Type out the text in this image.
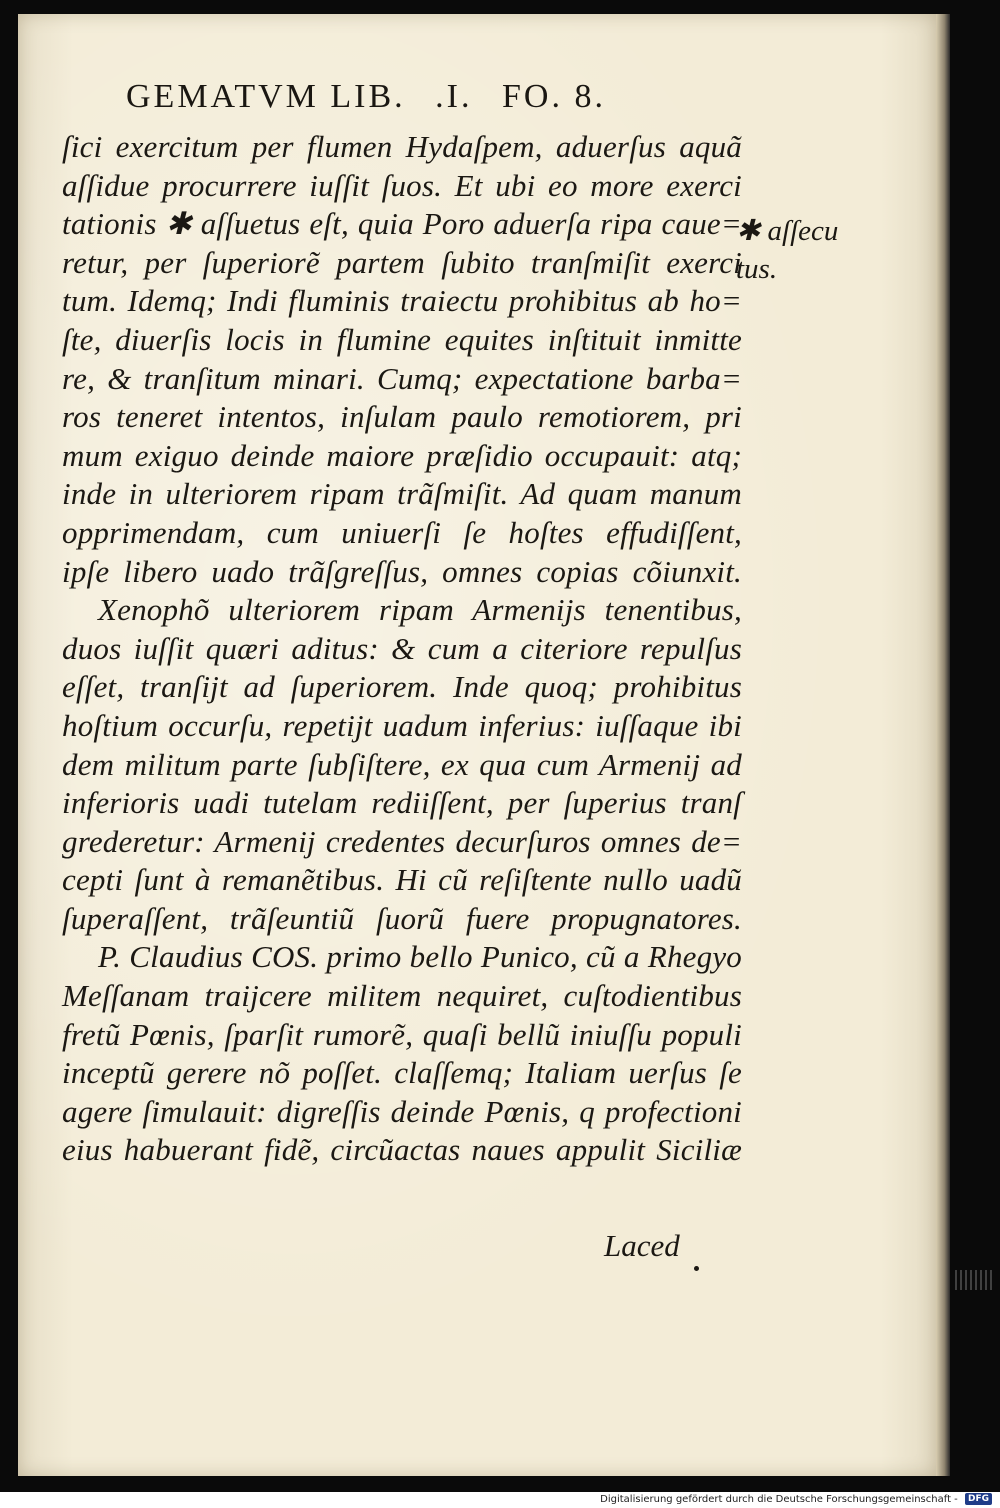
GEMATVM LIB. .I. FO. 8.
ſici exercitum per flumen Hydaſpem, aduerſus aquã
aſſidue procurrere iuſſit ſuos. Et ubi eo more exerci
tationis ✱ aſſuetus eſt, quia Poro aduerſa ripa caue=
retur, per ſuperiorẽ partem ſubito tranſmiſit exerci
tum. Idemq; Indi fluminis traiectu prohibitus ab ho=
ſte, diuerſis locis in flumine equites inſtituit inmitte
re, & tranſitum minari. Cumq; expectatione barba=
ros teneret intentos, inſulam paulo remotiorem, pri
mum exiguo deinde maiore præſidio occupauit: atq;
inde in ulteriorem ripam trãſmiſit. Ad quam manum
opprimendam, cum uniuerſi ſe hoſtes effudiſſent,
ipſe libero uado trãſgreſſus, omnes copias cõiunxit.
Xenophõ ulteriorem ripam Armenijs tenentibus,
duos iuſſit quæri aditus: & cum a citeriore repulſus
eſſet, tranſijt ad ſuperiorem. Inde quoq; prohibitus
hoſtium occurſu, repetijt uadum inferius: iuſſaque ibi
dem militum parte ſubſiſtere, ex qua cum Armenij ad
inferioris uadi tutelam rediiſſent, per ſuperius tranſ
grederetur: Armenij credentes decurſuros omnes de=
cepti ſunt à remanẽtibus. Hi cũ reſiſtente nullo uadũ
ſuperaſſent, trãſeuntiũ ſuorũ fuere propugnatores.
P. Claudius COS. primo bello Punico, cũ a Rhegyo
Meſſanam traijcere militem nequiret, cuſtodientibus
fretũ Pœnis, ſparſit rumorẽ, quaſi bellũ iniuſſu populi
inceptũ gerere nõ poſſet. claſſemq; Italiam uerſus ſe
agere ſimulauit: digreſſis deinde Pœnis, q profectioni
eius habuerant fidẽ, circũactas naues appulit Siciliæ
✱ aſſecu
tus.
Laced
Digitalisierung gefördert durch die Deutsche Forschungsgemeinschaft - DFG
